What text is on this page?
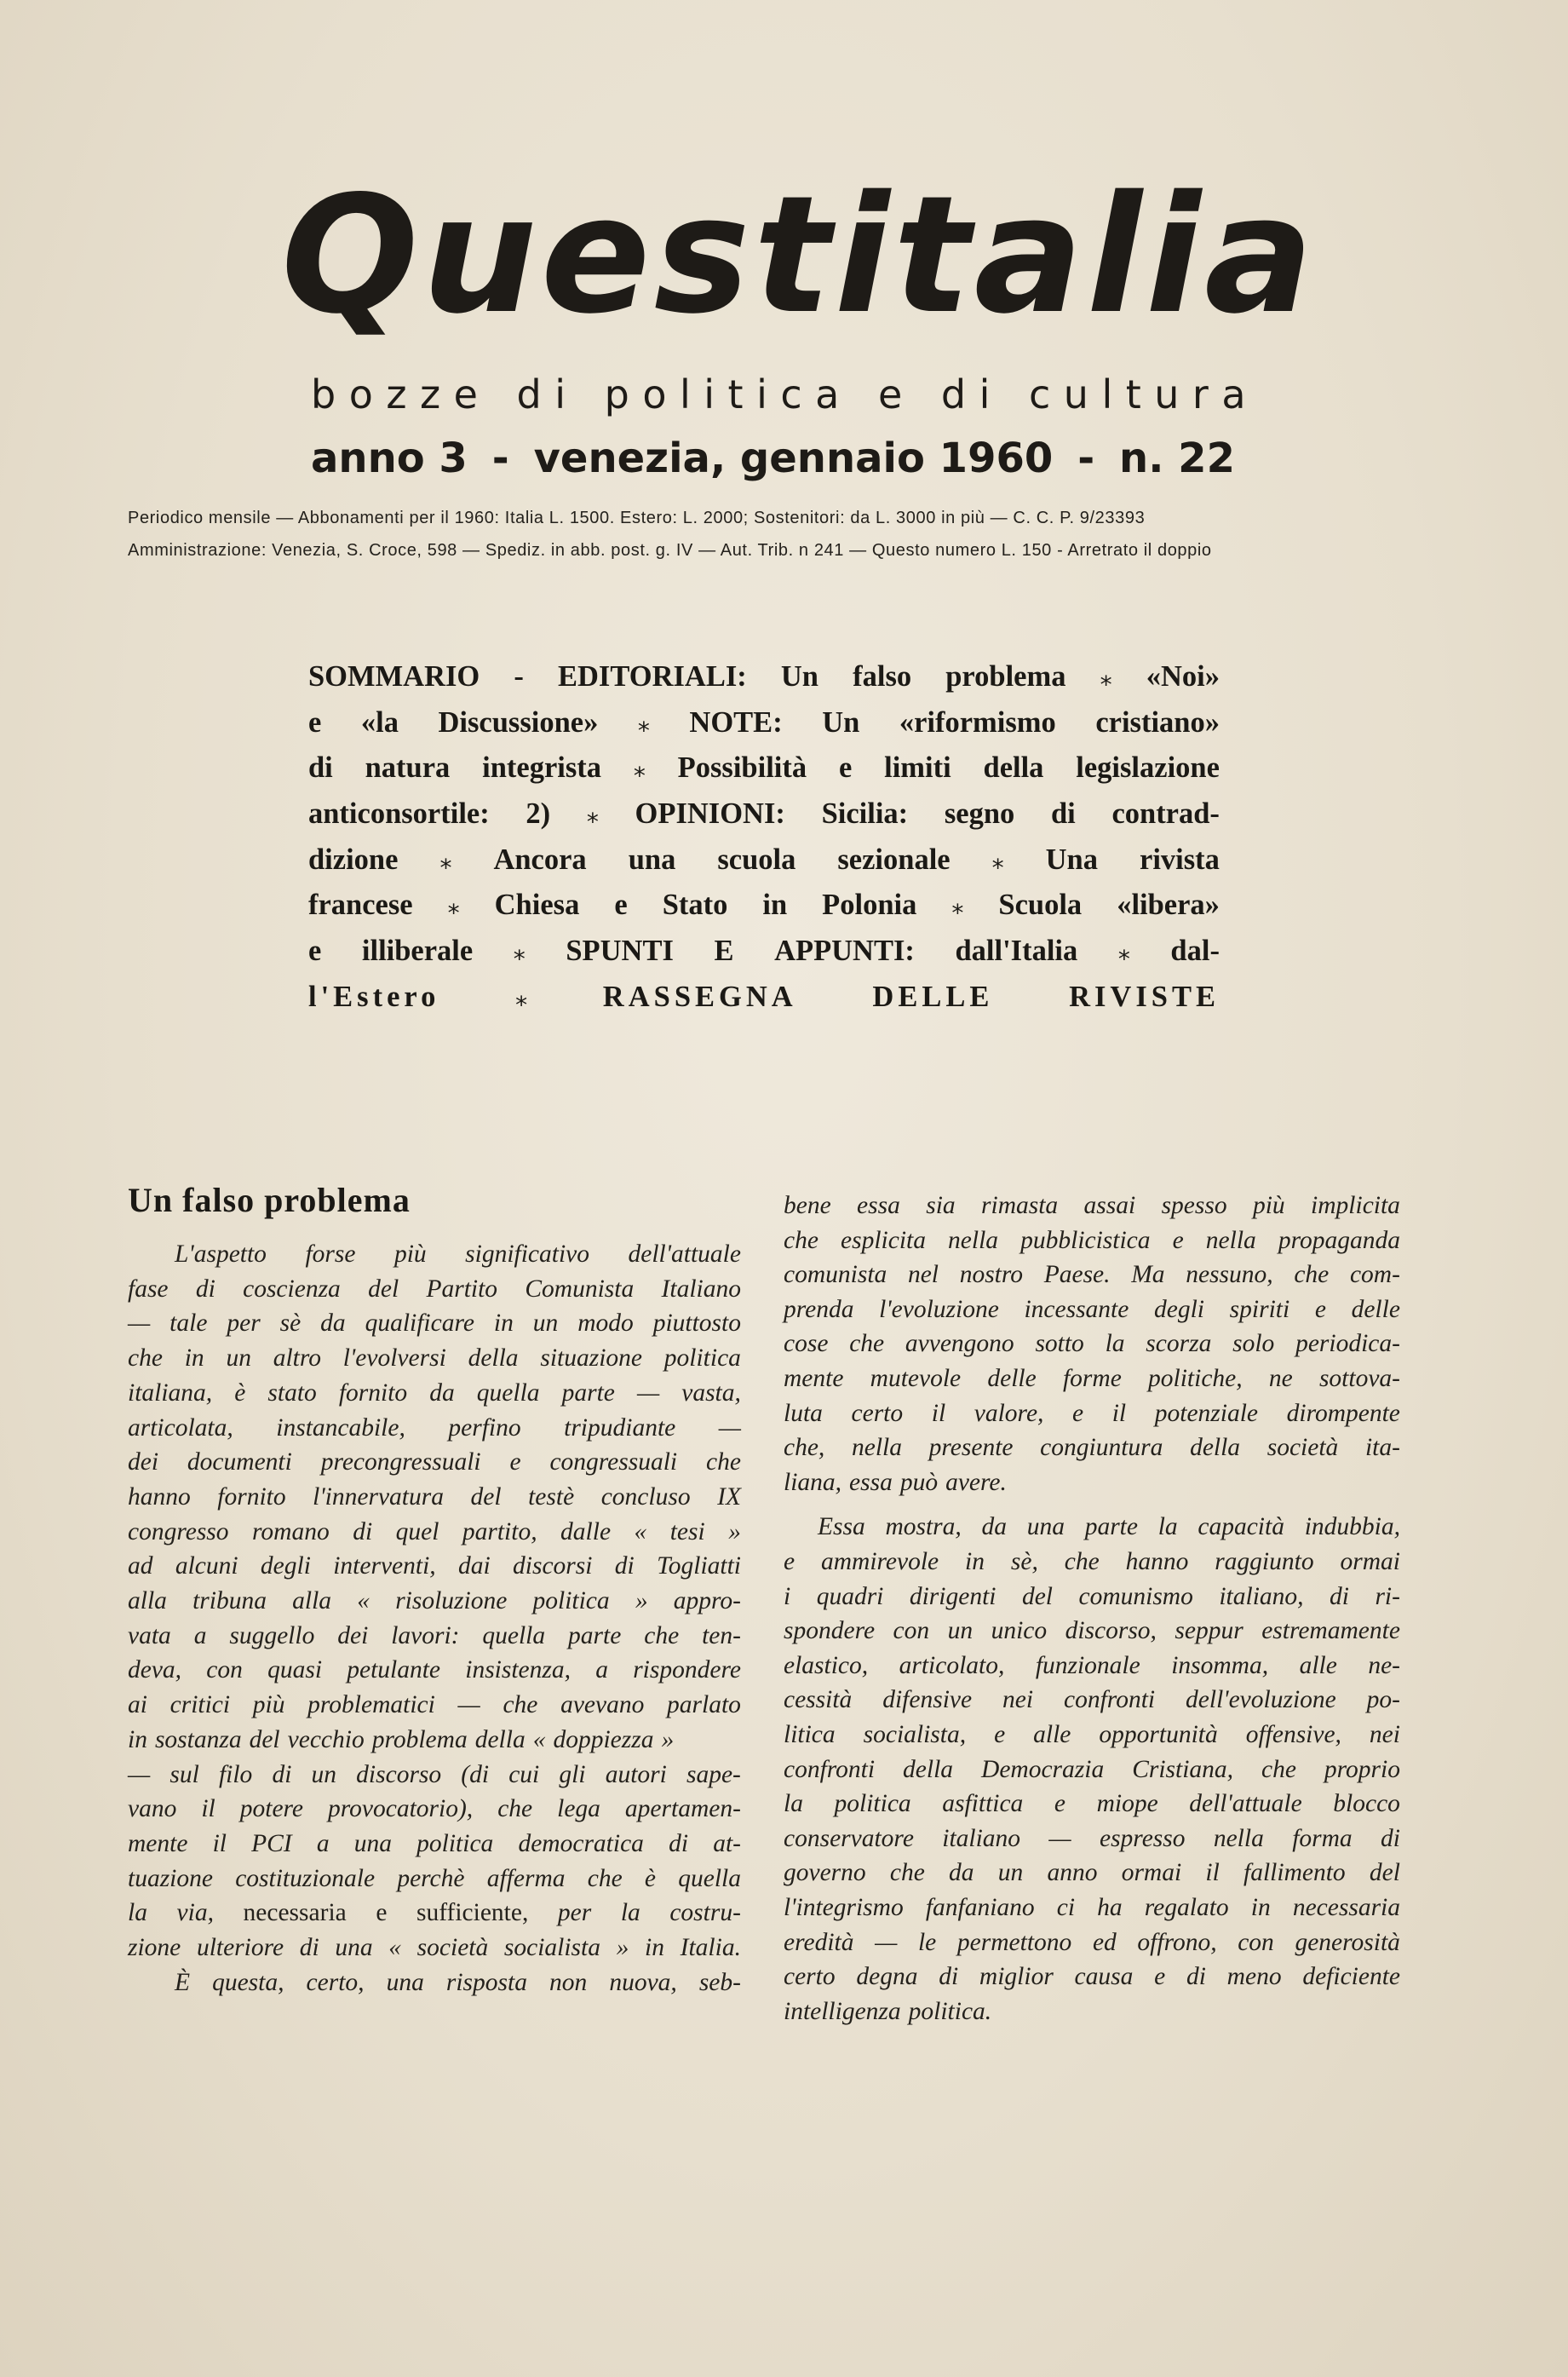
Questitalia
bozze di politica e di cultura
anno 3 - venezia, gennaio 1960 - n. 22
Periodico mensile — Abbonamenti per il 1960: Italia L. 1500. Estero: L. 2000; Sostenitori: da L. 3000 in più — C. C. P. 9/23393
Amministrazione: Venezia, S. Croce, 598 — Spediz. in abb. post. g. IV — Aut. Trib. n 241 — Questo numero L. 150 - Arretrato il doppio
SOMMARIO - EDITORIALI: Un falso problema ⁎ «Noi»
e «la Discussione» ⁎ NOTE: Un «riformismo cristiano»
di natura integrista ⁎ Possibilità e limiti della legislazione
anticonsortile: 2) ⁎ OPINIONI: Sicilia: segno di contrad-
dizione ⁎ Ancora una scuola sezionale ⁎ Una rivista
francese ⁎ Chiesa e Stato in Polonia ⁎ Scuola «libera»
e illiberale ⁎ SPUNTI E APPUNTI: dall'Italia ⁎ dal-
l'Estero	⁎	RASSEGNA	DELLE	RIVISTE
Un falso problema
L'aspetto forse più significativo dell'attuale
fase di coscienza del Partito Comunista Italiano
— tale per sè da qualificare in un modo piuttosto
che in un altro l'evolversi della situazione politica
italiana, è stato fornito da quella parte — vasta,
articolata, instancabile, perfino tripudiante —
dei documenti precongressuali e congressuali che
hanno fornito l'innervatura del testè concluso IX
congresso romano di quel partito, dalle « tesi »
ad alcuni degli interventi, dai discorsi di Togliatti
alla tribuna alla « risoluzione politica » appro-
vata a suggello dei lavori: quella parte che ten-
deva, con quasi petulante insistenza, a rispondere
ai critici più problematici — che avevano parlato
in sostanza del vecchio problema della « doppiezza »
— sul filo di un discorso (di cui gli autori sape-
vano il potere provocatorio), che lega apertamen-
mente il PCI a una politica democratica di at-
tuazione costituzionale perchè afferma che è quella
la via, necessaria e sufficiente, per la costru-
zione ulteriore di una « società socialista » in Italia.
È questa, certo, una risposta non nuova, seb-
bene essa sia rimasta assai spesso più implicita
che esplicita nella pubblicistica e nella propaganda
comunista nel nostro Paese. Ma nessuno, che com-
prenda l'evoluzione incessante degli spiriti e delle
cose che avvengono sotto la scorza solo periodica-
mente mutevole delle forme politiche, ne sottova-
luta certo il valore, e il potenziale dirompente
che, nella presente congiuntura della società ita-
liana, essa può avere.
Essa mostra, da una parte la capacità indubbia,
e ammirevole in sè, che hanno raggiunto ormai
i quadri dirigenti del comunismo italiano, di ri-
spondere con un unico discorso, seppur estremamente
elastico, articolato, funzionale insomma, alle ne-
cessità difensive nei confronti dell'evoluzione po-
litica socialista, e alle opportunità offensive, nei
confronti della Democrazia Cristiana, che proprio
la politica asfittica e miope dell'attuale blocco
conservatore italiano — espresso nella forma di
governo che da un anno ormai il fallimento del
l'integrismo fanfaniano ci ha regalato in necessaria
eredità — le permettono ed offrono, con generosità
certo degna di miglior causa e di meno deficiente
intelligenza politica.
